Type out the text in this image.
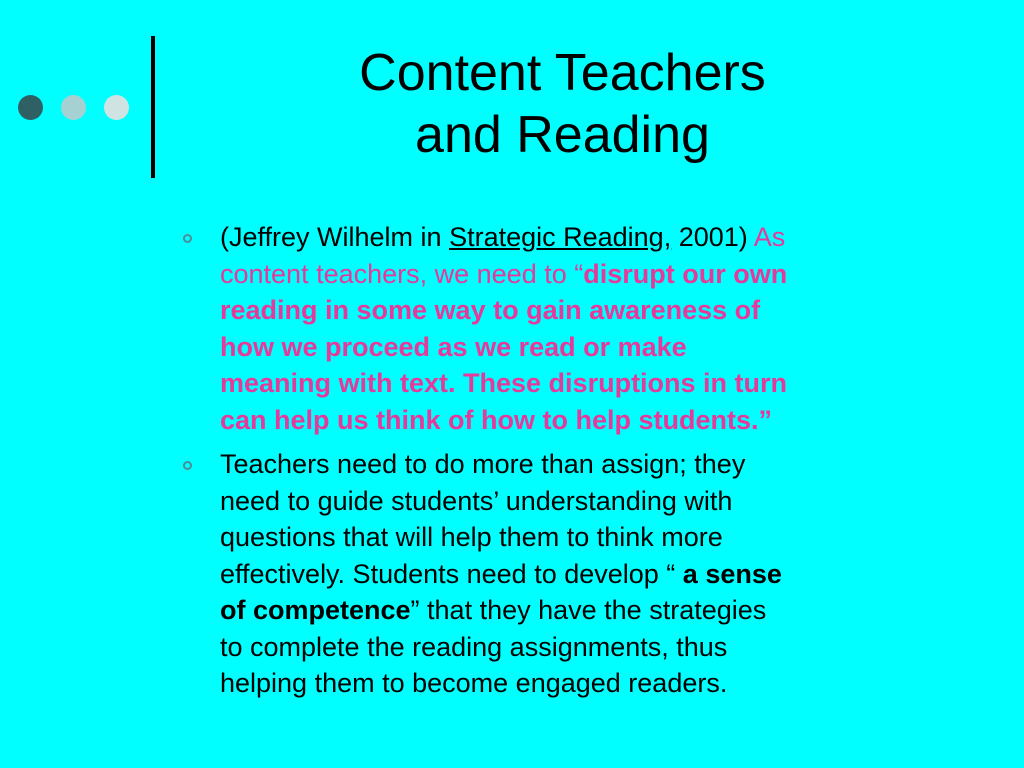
Content Teachers
and Reading
(Jeffrey Wilhelm in Strategic Reading, 2001) As
content teachers, we need to “disrupt our own
reading in some way to gain awareness of
how we proceed as we read or make
meaning with text. These disruptions in turn
can help us think of how to help students.”
Teachers need to do more than assign; they
need to guide students’ understanding with
questions that will help them to think more
effectively. Students need to develop “ a sense
of competence” that they have the strategies
to complete the reading assignments, thus
helping them to become engaged readers.
